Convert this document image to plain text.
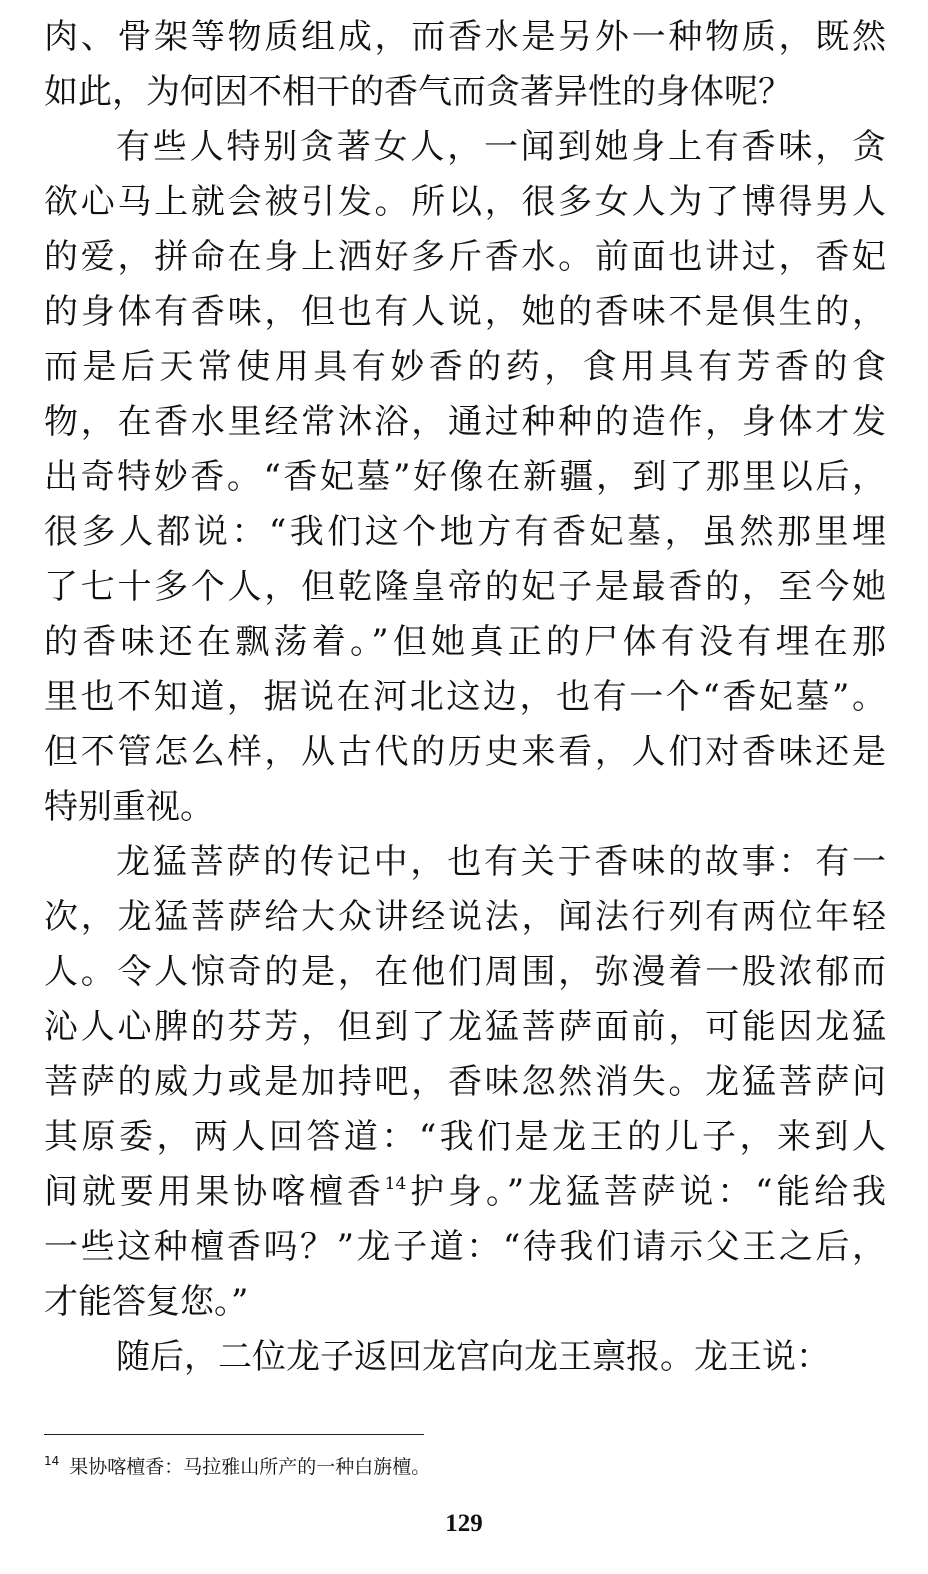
肉、骨架等物质组成，而香水是另外一种物质，既然
如此，为何因不相干的香气而贪著异性的身体呢？
有些人特别贪著女人，一闻到她身上有香味，贪
欲心马上就会被引发。所以，很多女人为了博得男人
的爱，拼命在身上洒好多斤香水。前面也讲过，香妃
的身体有香味，但也有人说，她的香味不是俱生的，
而是后天常使用具有妙香的药，食用具有芳香的食
物，在香水里经常沐浴，通过种种的造作，身体才发
出奇特妙香。“香妃墓”好像在新疆，到了那里以后，
很多人都说：“我们这个地方有香妃墓，虽然那里埋
了七十多个人，但乾隆皇帝的妃子是最香的，至今她
的香味还在飘荡着。”但她真正的尸体有没有埋在那
里也不知道，据说在河北这边，也有一个“香妃墓”。
但不管怎么样，从古代的历史来看，人们对香味还是
特别重视。
龙猛菩萨的传记中，也有关于香味的故事：有一
次，龙猛菩萨给大众讲经说法，闻法行列有两位年轻
人。令人惊奇的是，在他们周围，弥漫着一股浓郁而
沁人心脾的芬芳，但到了龙猛菩萨面前，可能因龙猛
菩萨的威力或是加持吧，香味忽然消失。龙猛菩萨问
其原委，两人回答道：“我们是龙王的儿子，来到人
间就要用果协喀檀香$^{14}$护身。”龙猛菩萨说：“能给我
一些这种檀香吗？”龙子道：“待我们请示父王之后，
才能答复您。”
随后，二位龙子返回龙宫向龙王禀报。龙王说：
$^{14}$ 果协喀檀香：马拉雅山所产的一种白旃檀。
129
